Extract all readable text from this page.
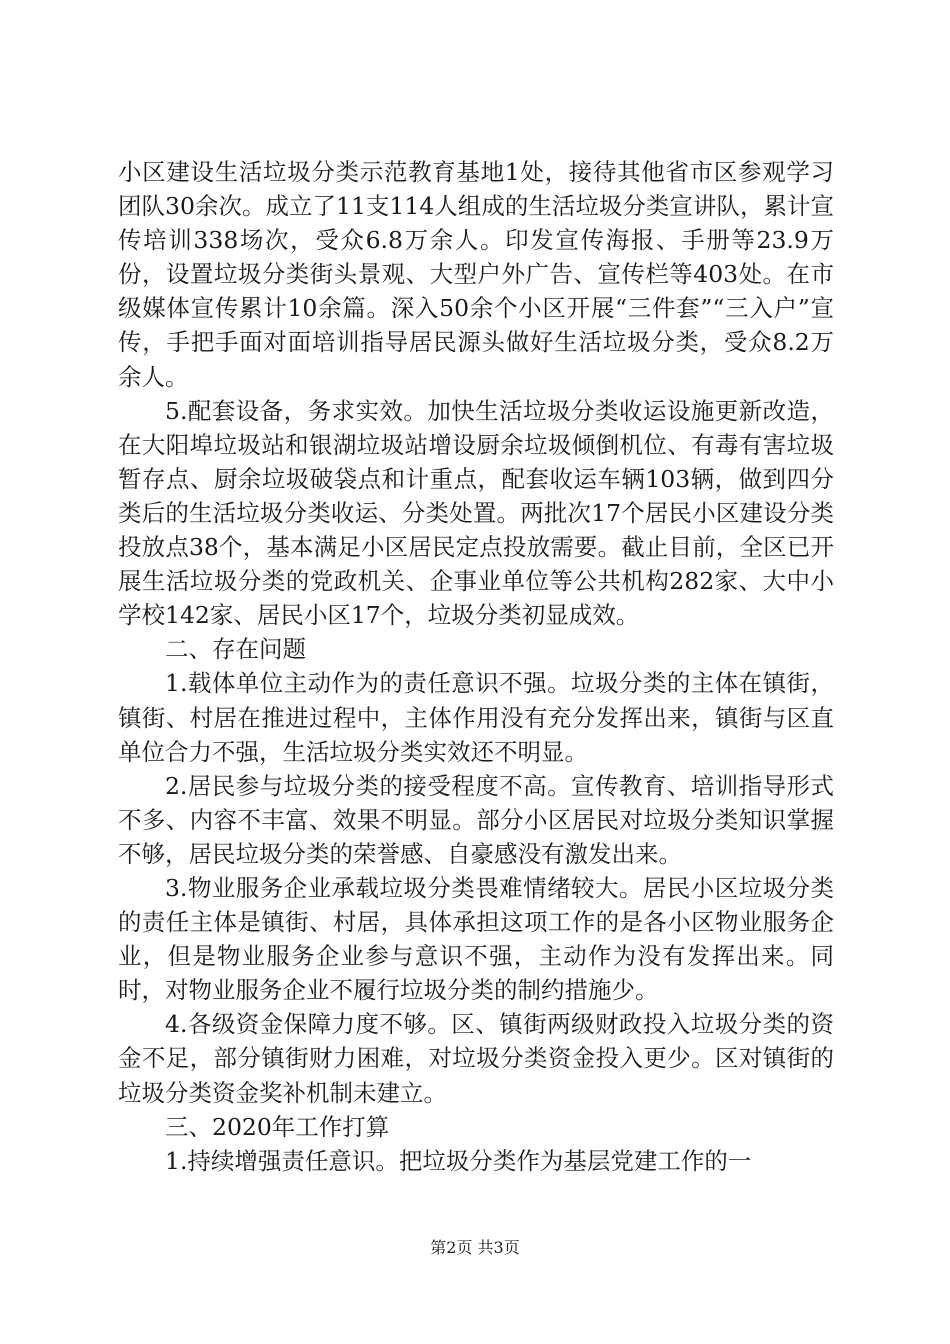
小区建设生活垃圾分类示范教育基地1处，接待其他省市区参观学习团队30余次。成立了11支114人组成的生活垃圾分类宣讲队，累计宣传培训338场次，受众6.8万余人。印发宣传海报、手册等23.9万份，设置垃圾分类街头景观、大型户外广告、宣传栏等403处。在市级媒体宣传累计10余篇。深入50余个小区开展“三件套”“三入户”宣传，手把手面对面培训指导居民源头做好生活垃圾分类，受众8.2万余人。

5.配套设备，务求实效。加快生活垃圾分类收运设施更新改造，在大阳埠垃圾站和银湖垃圾站增设厨余垃圾倾倒机位、有毒有害垃圾暂存点、厨余垃圾破袋点和计重点，配套收运车辆103辆，做到四分类后的生活垃圾分类收运、分类处置。两批次17个居民小区建设分类投放点38个，基本满足小区居民定点投放需要。截止目前，全区已开展生活垃圾分类的党政机关、企事业单位等公共机构282家、大中小学校142家、居民小区17个，垃圾分类初显成效。

二、存在问题

1.载体单位主动作为的责任意识不强。垃圾分类的主体在镇街，镇街、村居在推进过程中，主体作用没有充分发挥出来，镇街与区直单位合力不强，生活垃圾分类实效还不明显。

2.居民参与垃圾分类的接受程度不高。宣传教育、培训指导形式不多、内容不丰富、效果不明显。部分小区居民对垃圾分类知识掌握不够，居民垃圾分类的荣誉感、自豪感没有激发出来。

3.物业服务企业承载垃圾分类畏难情绪较大。居民小区垃圾分类的责任主体是镇街、村居，具体承担这项工作的是各小区物业服务企业，但是物业服务企业参与意识不强，主动作为没有发挥出来。同时，对物业服务企业不履行垃圾分类的制约措施少。

4.各级资金保障力度不够。区、镇街两级财政投入垃圾分类的资金不足，部分镇街财力困难，对垃圾分类资金投入更少。区对镇街的垃圾分类资金奖补机制未建立。

三、2020年工作打算

1.持续增强责任意识。把垃圾分类作为基层党建工作的一

第2页 共3页
